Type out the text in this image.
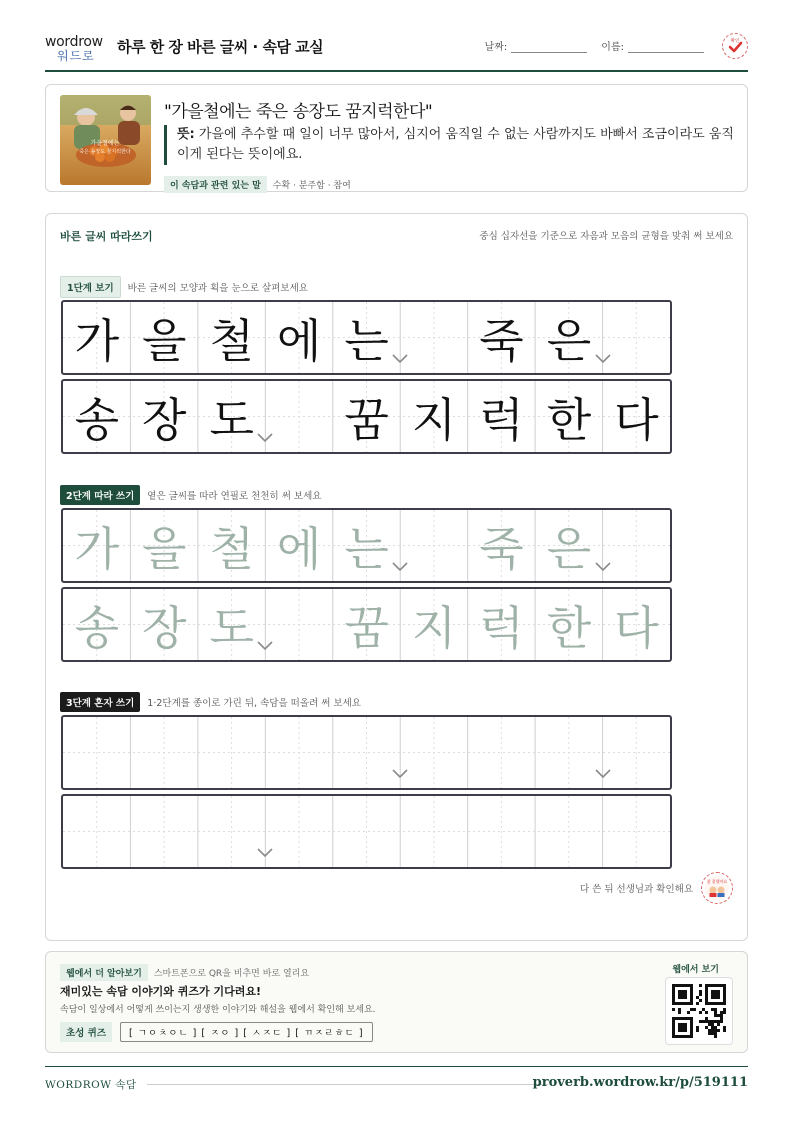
wordrow
워드로 하루 한 장 바른 글씨 · 속담 교실	날짜:	이름:
확인
가을철에는
죽은 송장도 꿈지럭한다
"가을철에는 죽은 송장도 꿈지럭한다"
뜻: 가을에 추수할 때 일이 너무 많아서, 심지어 움직일 수 없는 사람까지도 바빠서 조금이라도 움직이게 된다는 뜻이에요.
이 속담과 관련 있는 말	수확 · 분주함 · 참여
바른 글씨 따라쓰기	중심 십자선을 기준으로 자음과 모음의 균형을 맞춰 써 보세요
1단계 보기	바른 글씨의 모양과 획을 눈으로 살펴보세요
가 을 철 에 는 죽 은
송 장 도 꿈 지 럭 한 다
2단계 따라 쓰기	옅은 글씨를 따라 연필로 천천히 써 보세요
가 을 철 에 는 죽 은
송 장 도 꿈 지 럭 한 다
3단계 혼자 쓰기	1·2단계를 종이로 가린 뒤, 속담을 떠올려 써 보세요
다 쓴 뒤 선생님과 확인해요
참 잘했어요
웹에서 더 알아보기	스마트폰으로 QR을 비추면 바로 열리요
재미있는 속담 이야기와 퀴즈가 기다려요!
속담이 일상에서 어떻게 쓰이는지 생생한 이야기와 해설을 웹에서 확인해 보세요.
초성 퀴즈	[ ㄱㅇㅊㅇㄴ ] [ ㅈㅇ ] [ ㅅㅈㄷ ] [ ㄲㅈㄹㅎㄷ ]
웹에서 보기
WORDROW 속담	proverb.wordrow.kr/p/519111
